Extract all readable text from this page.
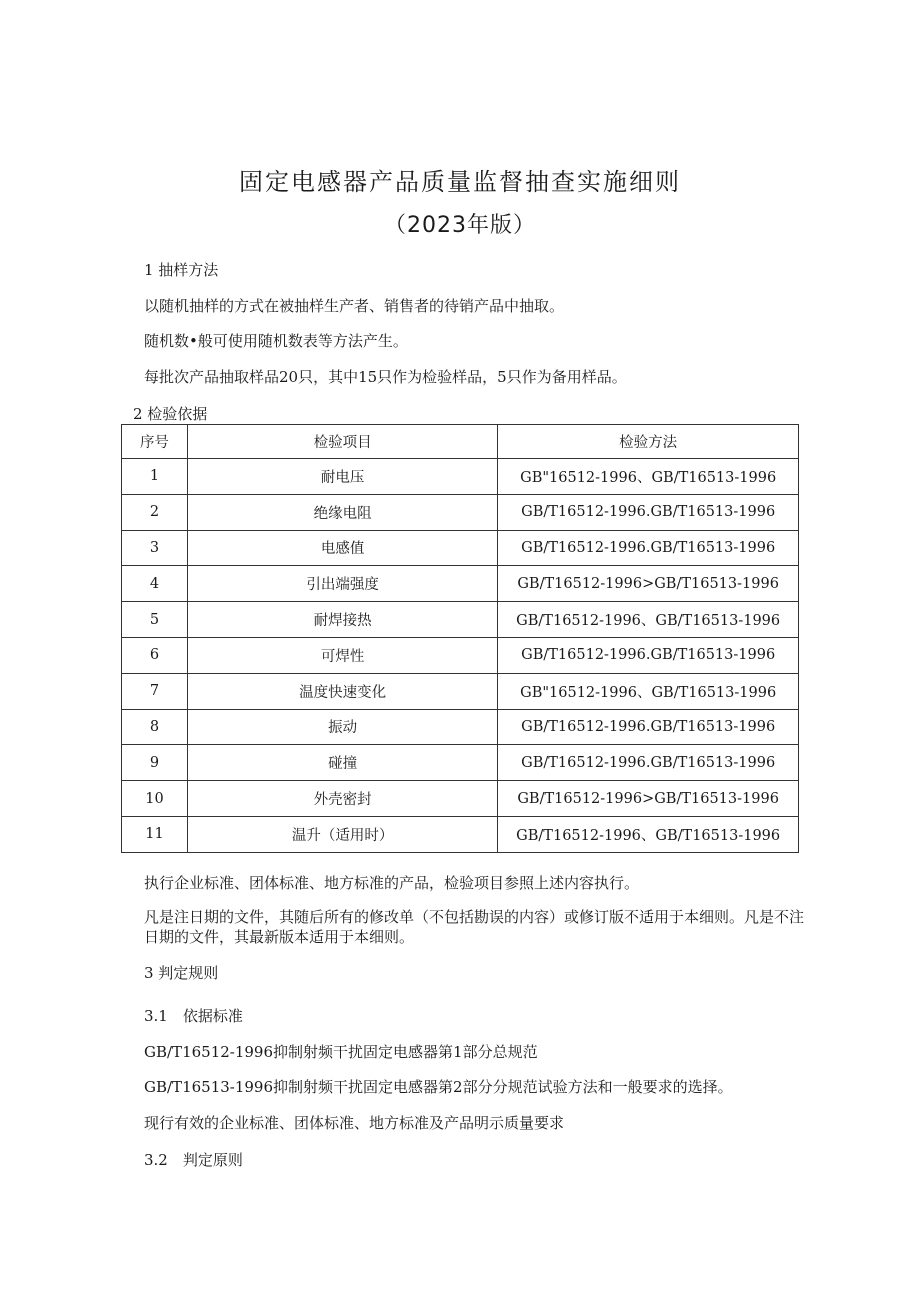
固定电感器产品质量监督抽查实施细则
（2023年版）
1 抽样方法
以随机抽样的方式在被抽样生产者、销售者的待销产品中抽取。
随机数•般可使用随机数表等方法产生。
每批次产品抽取样品20只，其中15只作为检验样品，5只作为备用样品。
2 检验依据
序号	检验项目	检验方法
1	耐电压	GB"16512-1996、GB/T16513-1996
2	绝缘电阻	GB/T16512-1996.GB/T16513-1996
3	电感值	GB/T16512-1996.GB/T16513-1996
4	引出端强度	GB/T16512-1996>GB/T16513-1996
5	耐焊接热	GB/T16512-1996、GB/T16513-1996
6	可焊性	GB/T16512-1996.GB/T16513-1996
7	温度快速变化	GB"16512-1996、GB/T16513-1996
8	振动	GB/T16512-1996.GB/T16513-1996
9	碰撞	GB/T16512-1996.GB/T16513-1996
10	外壳密封	GB/T16512-1996>GB/T16513-1996
11	温升（适用时）	GB/T16512-1996、GB/T16513-1996
执行企业标准、团体标准、地方标准的产品，检验项目参照上述内容执行。
凡是注日期的文件，其随后所有的修改单（不包括勘误的内容）或修订版不适用于本细则。凡是不注日期的文件，其最新版本适用于本细则。
3 判定规则
3.1　依据标准
GB/T16512-1996抑制射频干扰固定电感器第1部分总规范
GB/T16513-1996抑制射频干扰固定电感器第2部分分规范试验方法和一般要求的选择。
现行有效的企业标准、团体标准、地方标准及产品明示质量要求
3.2　判定原则
